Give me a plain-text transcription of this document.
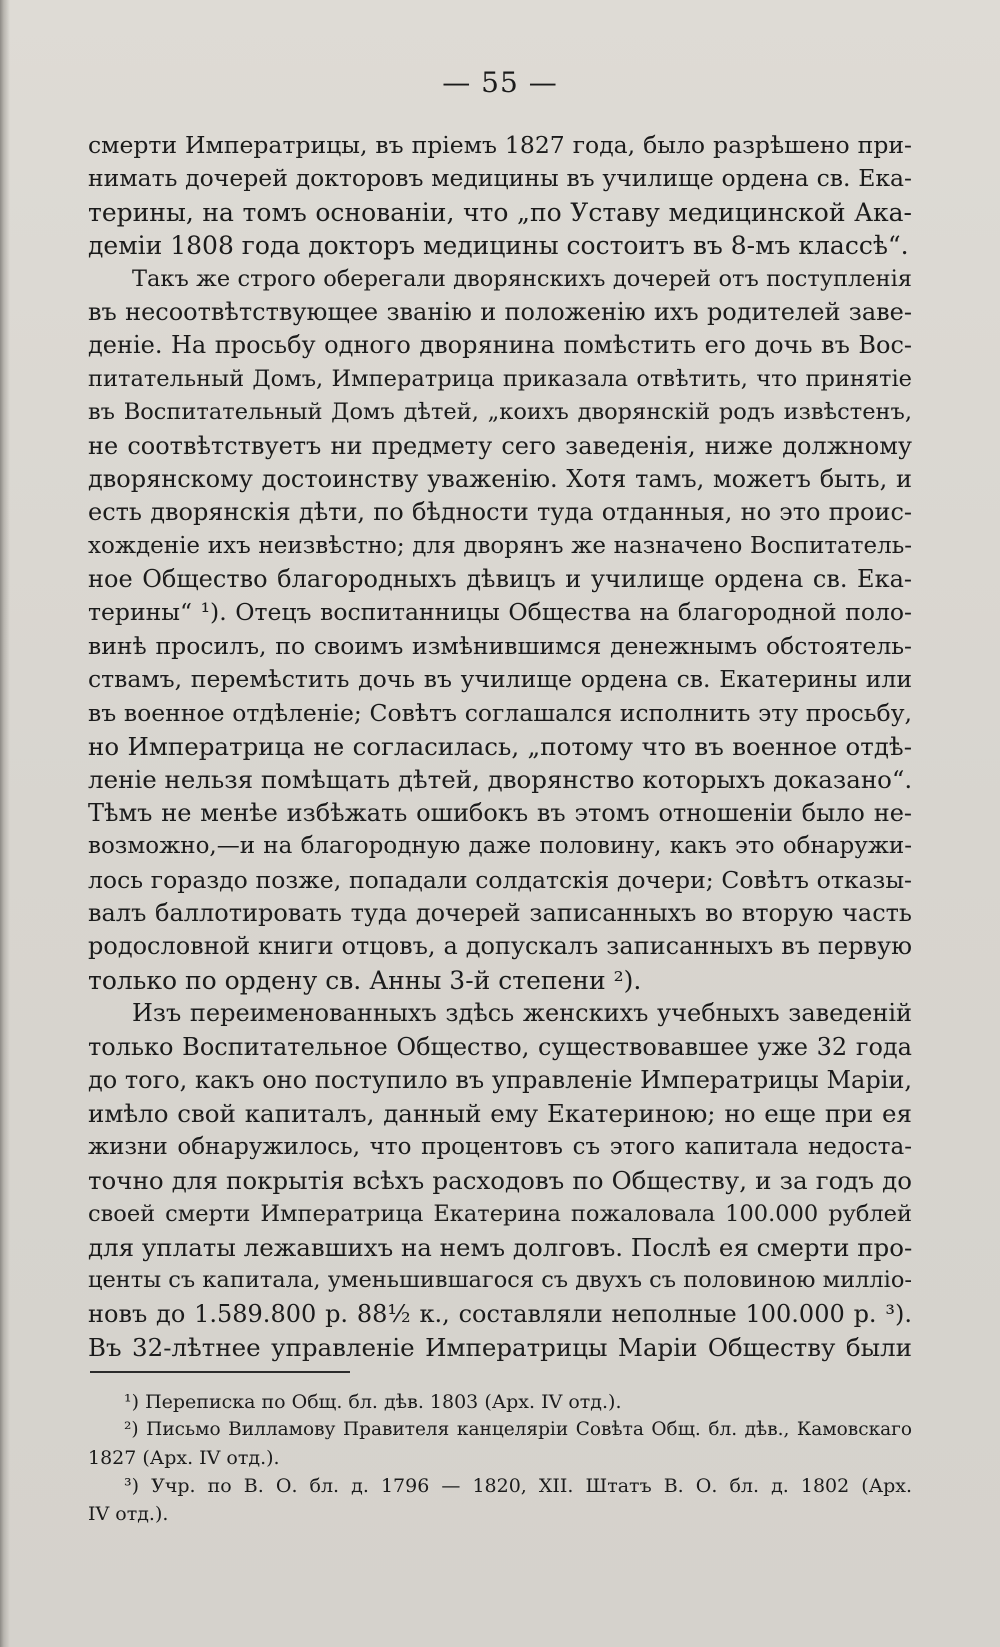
— 55 —
смерти Императрицы, въ пріемъ 1827 года, было разрѣшено при-
нимать дочерей докторовъ медицины въ училище ордена св. Ека-
терины, на томъ основаніи, что „по Уставу медицинской Ака-
деміи 1808 года докторъ медицины состоитъ въ 8-мъ классѣ“.
Такъ же строго оберегали дворянскихъ дочерей отъ поступленія
въ несоотвѣтствующее званію и положенію ихъ родителей заве-
деніе. На просьбу одного дворянина помѣстить его дочь въ Вос-
питательный Домъ, Императрица приказала отвѣтить, что принятіе
въ Воспитательный Домъ дѣтей, „коихъ дворянскій родъ извѣстенъ,
не соотвѣтствуетъ ни предмету сего заведенія, ниже должному
дворянскому достоинству уваженію. Хотя тамъ, можетъ быть, и
есть дворянскія дѣти, по бѣдности туда отданныя, но это проис-
хожденіе ихъ неизвѣстно; для дворянъ же назначено Воспитатель-
ное Общество благородныхъ дѣвицъ и училище ордена св. Ека-
терины“ ¹). Отецъ воспитанницы Общества на благородной поло-
винѣ просилъ, по своимъ измѣнившимся денежнымъ обстоятель-
ствамъ, перемѣстить дочь въ училище ордена св. Екатерины или
въ военное отдѣленіе; Совѣтъ соглашался исполнить эту просьбу,
но Императрица не согласилась, „потому что въ военное отдѣ-
леніе нельзя помѣщать дѣтей, дворянство которыхъ доказано“.
Тѣмъ не менѣе избѣжать ошибокъ въ этомъ отношеніи было не-
возможно,—и на благородную даже половину, какъ это обнаружи-
лось гораздо позже, попадали солдатскія дочери; Совѣтъ отказы-
валъ баллотировать туда дочерей записанныхъ во вторую часть
родословной книги отцовъ, а допускалъ записанныхъ въ первую
только по ордену св. Анны 3-й степени ²).
Изъ переименованныхъ здѣсь женскихъ учебныхъ заведеній
только Воспитательное Общество, существовавшее уже 32 года
до того, какъ оно поступило въ управленіе Императрицы Маріи,
имѣло свой капиталъ, данный ему Екатериною; но еще при ея
жизни обнаружилось, что процентовъ съ этого капитала недоста-
точно для покрытія всѣхъ расходовъ по Обществу, и за годъ до
своей смерти Императрица Екатерина пожаловала 100.000 рублей
для уплаты лежавшихъ на немъ долговъ. Послѣ ея смерти про-
центы съ капитала, уменьшившагося съ двухъ съ половиною милліо-
новъ до 1.589.800 р. 88½ к., составляли неполные 100.000 р. ³).
Въ 32-лѣтнее управленіе Императрицы Маріи Обществу были
¹) Переписка по Общ. бл. дѣв. 1803 (Арх. IV отд.).
²) Письмо Вилламову Правителя канцеляріи Совѣта Общ. бл. дѣв., Камовскаго
1827 (Арх. IV отд.).
³) Учр. по В. О. бл. д. 1796 — 1820, XII. Штатъ В. О. бл. д. 1802 (Арх.
IV отд.).
